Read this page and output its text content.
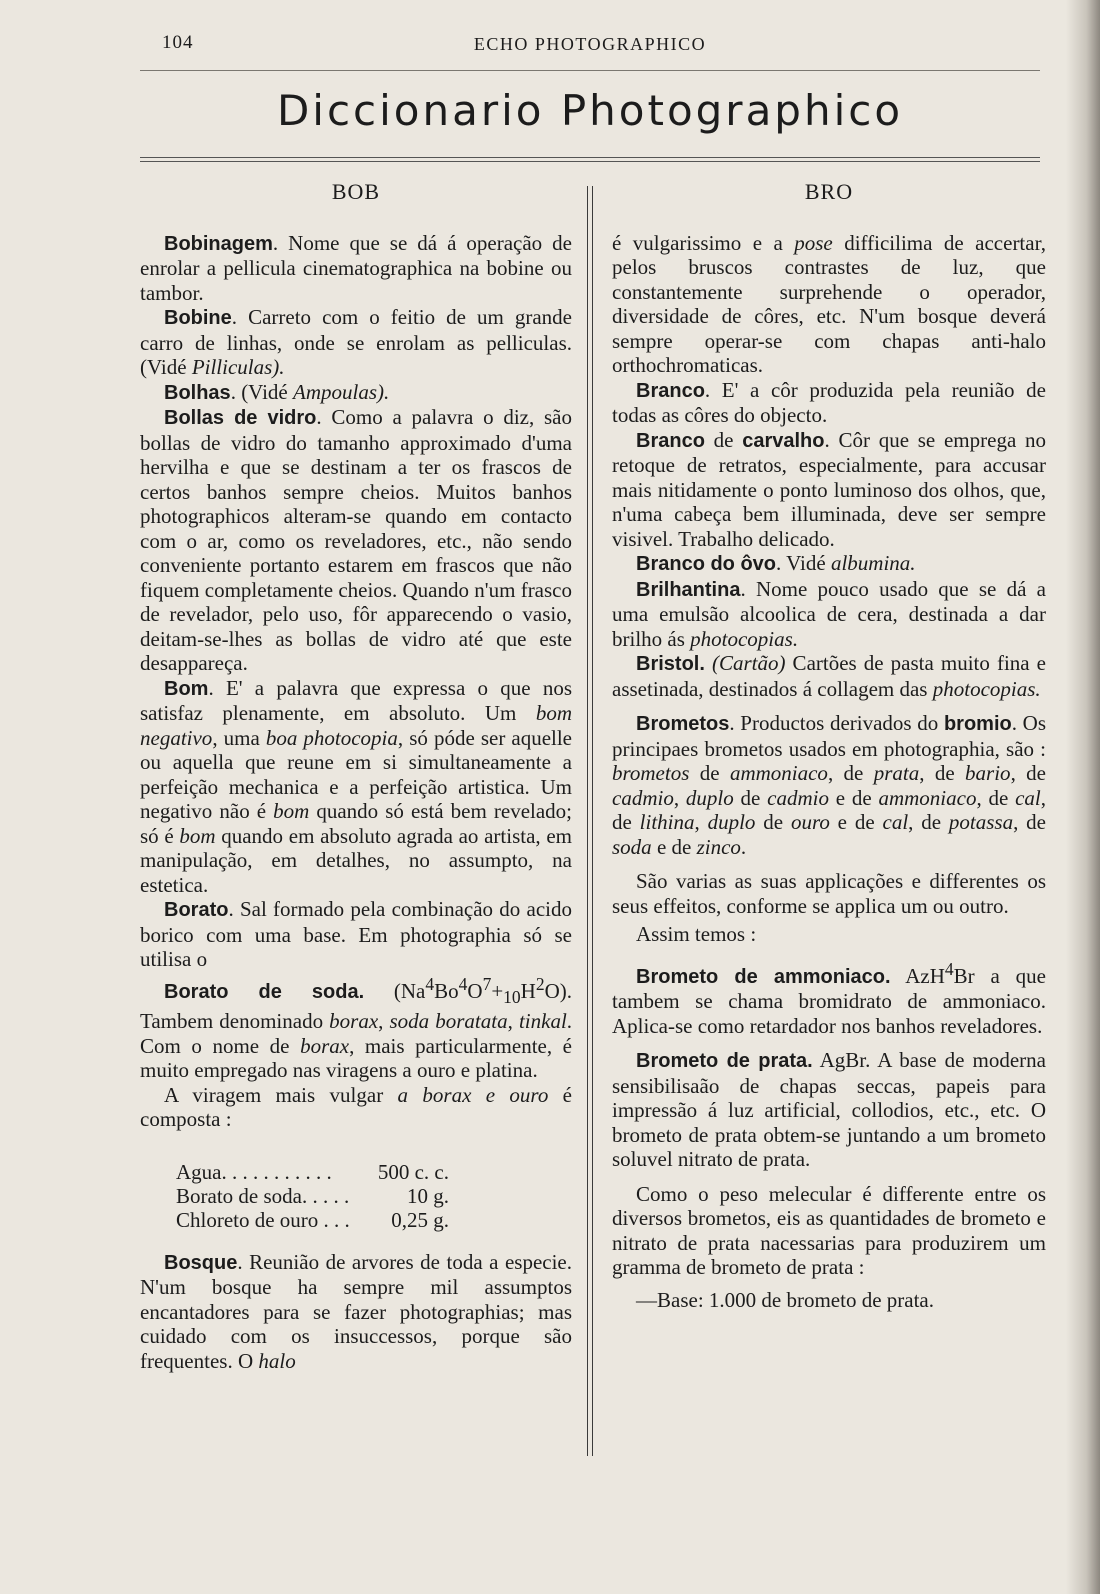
104	ECHO PHOTOGRAPHICO
Diccionario Photographico
BOB

Bobinagem. Nome que se dá á operação de enrolar a pellicula cinematographica na bobine ou tambor.

Bobine. Carreto com o feitio de um grande carro de linhas, onde se enrolam as pelliculas. (Vidé Pilliculas).

Bolhas. (Vidé Ampoulas).

Bollas de vidro. Como a palavra o diz, são bollas de vidro do tamanho approximado d'uma hervilha e que se destinam a ter os frascos de certos banhos sempre cheios. Muitos banhos photographicos alteram-se quando em contacto com o ar, como os reveladores, etc., não sendo conveniente portanto estarem em frascos que não fiquem completamente cheios. Quando n'um frasco de revelador, pelo uso, fôr apparecendo o vasio, deitam-se-lhes as bollas de vidro até que este desappareça.

Bom. E' a palavra que expressa o que nos satisfaz plenamente, em absoluto. Um bom negativo, uma boa photocopia, só póde ser aquelle ou aquella que reune em si simultaneamente a perfeição mechanica e a perfeição artistica. Um negativo não é bom quando só está bem revelado; só é bom quando em absoluto agrada ao artista, em manipulação, em detalhes, no assumpto, na estetica.

Borato. Sal formado pela combinação do acido borico com uma base. Em photographia só se utilisa o

Borato de soda. $(Na^4Bo^4O^7+_{10}H^2O)$. Tambem denominado borax, soda boratata, tinkal. Com o nome de borax, mais particularmente, é muito empregado nas viragens a ouro e platina.

A viragem mais vulgar a borax e ouro é composta :

Agua. . . . . . . . . . .	500 c. c.
Borato de soda. . . . .	10 g.
Chloreto de ouro . . .	0,25 g.

Bosque. Reunião de arvores de toda a especie. N'um bosque ha sempre mil assumptos encantadores para se fazer photographias; mas cuidado com os insuccessos, porque são frequentes. O halo

BRO

é vulgarissimo e a pose difficilima de accertar, pelos bruscos contrastes de luz, que constantemente surprehende o operador, diversidade de côres, etc. N'um bosque deverá sempre operar-se com chapas anti-halo orthochromaticas.

Branco. E' a côr produzida pela reunião de todas as côres do objecto.

Branco de carvalho. Côr que se emprega no retoque de retratos, especialmente, para accusar mais nitidamente o ponto luminoso dos olhos, que, n'uma cabeça bem illuminada, deve ser sempre visivel. Trabalho delicado.

Branco do ôvo. Vidé albumina.

Brilhantina. Nome pouco usado que se dá a uma emulsão alcoolica de cera, destinada a dar brilho ás photocopias.

Bristol. (Cartão) Cartões de pasta muito fina e assetinada, destinados á collagem das photocopias.

Brometos. Productos derivados do bromio. Os principaes brometos usados em photographia, são : brometos de ammoniaco, de prata, de bario, de cadmio, duplo de cadmio e de ammoniaco, de cal, de lithina, duplo de ouro e de cal, de potassa, de soda e de zinco.

São varias as suas applicações e differentes os seus effeitos, conforme se applica um ou outro.

Assim temos :

Brometo de ammoniaco. AzH$^4$Br a que tambem se chama bromidrato de ammoniaco. Aplica-se como retardador nos banhos reveladores.

Brometo de prata. AgBr. A base de moderna sensibilisaão de chapas seccas, papeis para impressão á luz artificial, collodios, etc., etc. O brometo de prata obtem-se juntando a um brometo soluvel nitrato de prata.

Como o peso melecular é differente entre os diversos brometos, eis as quantidades de brometo e nitrato de prata nacessarias para produzirem um gramma de brometo de prata :

—Base: 1.000 de brometo de prata.
